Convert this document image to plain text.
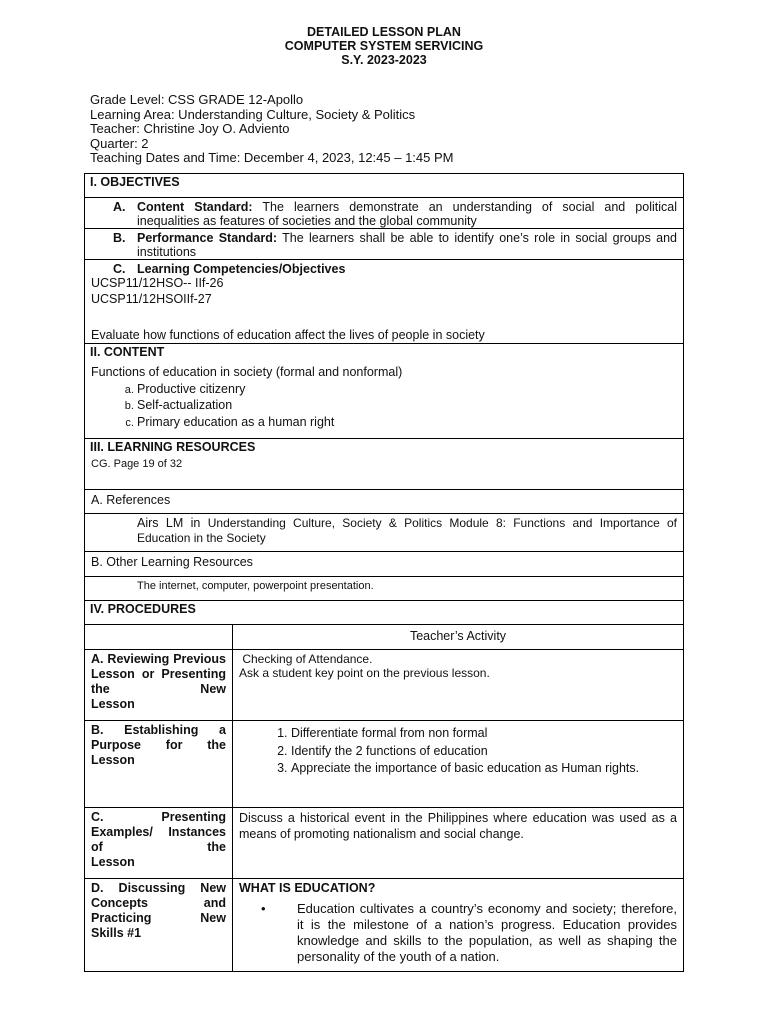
DETAILED LESSON PLAN
COMPUTER SYSTEM SERVICING
S.Y. 2023-2023
Grade Level: CSS GRADE 12-Apollo
Learning Area: Understanding Culture, Society & Politics
Teacher: Christine Joy O. Adviento
Quarter: 2
Teaching Dates and Time: December 4, 2023, 12:45 – 1:45 PM
I. OBJECTIVES
A. Content Standard: The learners demonstrate an understanding of social and political inequalities as features of societies and the global community
B. Performance Standard: The learners shall be able to identify one’s role in social groups and institutions
C. Learning Competencies/Objectives
UCSP11/12HSO-- IIf-26
UCSP11/12HSOIIf-27
Evaluate how functions of education affect the lives of people in society
II. CONTENT
Functions of education in society (formal and nonformal)
a. Productive citizenry
b. Self-actualization
c. Primary education as a human right
III. LEARNING RESOURCES
CG. Page 19 of 32
A. References
Airs LM in Understanding Culture, Society & Politics Module 8: Functions and Importance of Education in the Society
B. Other Learning Resources
The internet, computer, powerpoint presentation.
IV. PROCEDURES
Teacher’s Activity
A. Reviewing Previous Lesson or Presenting the New
Lesson
Checking of Attendance.
Ask a student key point on the previous lesson.
B. Establishing a Purpose for the
Lesson
1. Differentiate formal from non formal
2. Identify the 2 functions of education
3. Appreciate the importance of basic education as Human rights.
C. Presenting Examples/ Instances of the
Lesson
Discuss a historical event in the Philippines where education was used as a means of promoting nationalism and social change.
D. Discussing New Concepts and Practicing New
Skills #1
WHAT IS EDUCATION?
•	Education cultivates a country’s economy and society; therefore, it is the milestone of a nation’s progress. Education provides knowledge and skills to the population, as well as shaping the personality of the youth of a nation.
